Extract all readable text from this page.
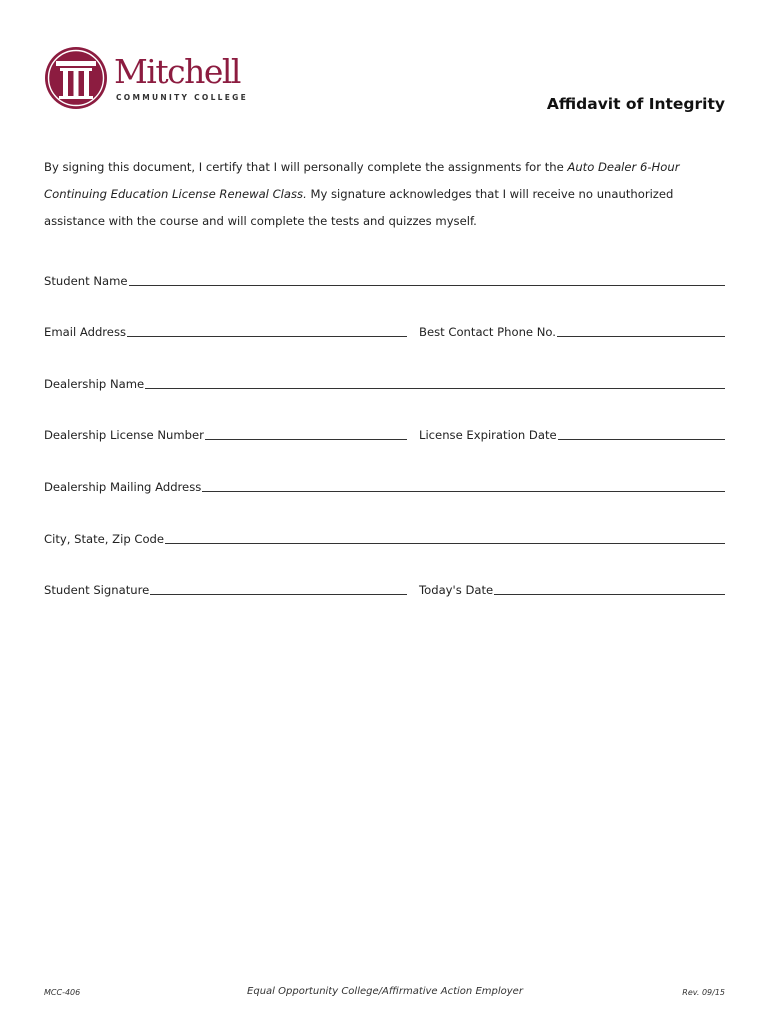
Mitchell
COMMUNITY COLLEGE	Affidavit of Integrity

By signing this document, I certify that I will personally complete the assignments for the Auto Dealer 6-Hour Continuing Education License Renewal Class. My signature acknowledges that I will receive no unauthorized assistance with the course and will complete the tests and quizzes myself.

Student Name
Email Address	Best Contact Phone No.
Dealership Name
Dealership License Number	License Expiration Date
Dealership Mailing Address
City, State, Zip Code
Student Signature	Today's Date
MCC-406	Equal Opportunity College/Affirmative Action Employer	Rev. 09/15
